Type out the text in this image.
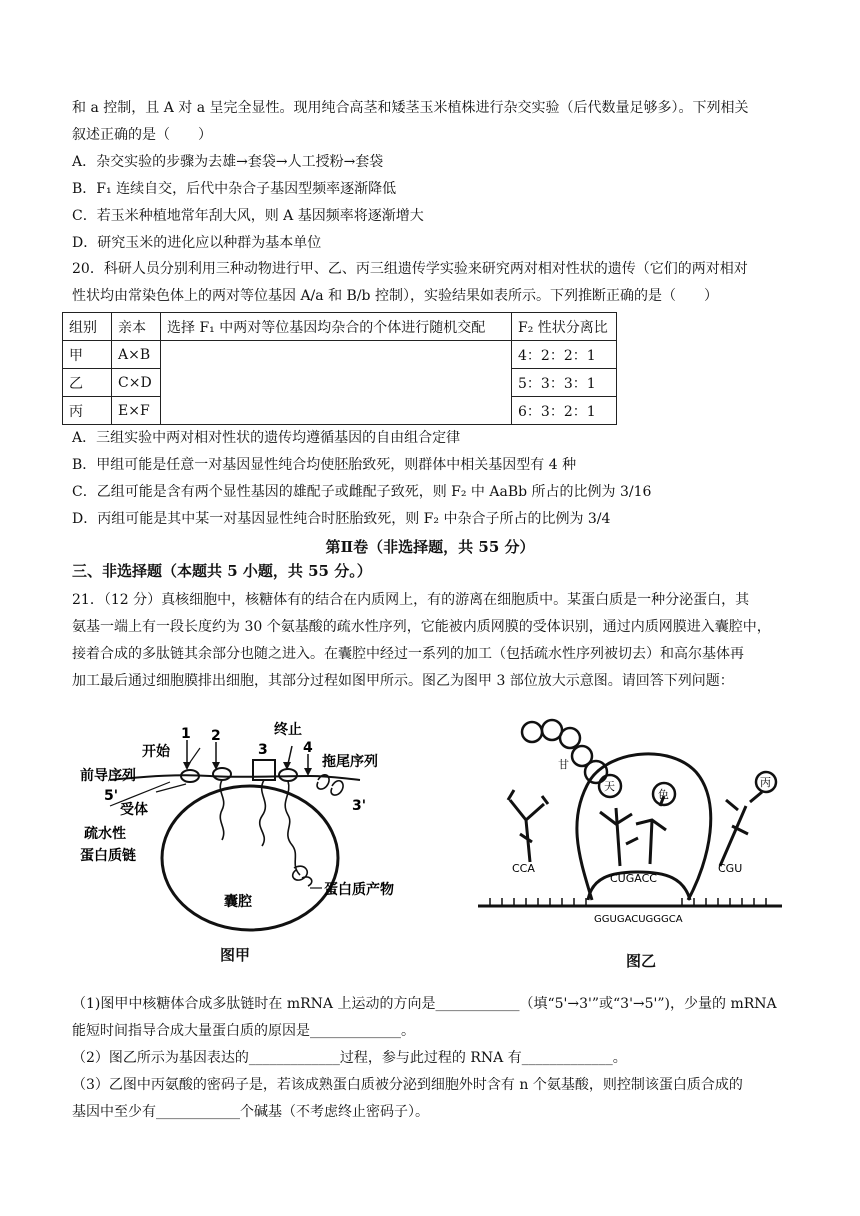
和 a 控制，且 A 对 a 呈完全显性。现用纯合高茎和矮茎玉米植株进行杂交实验（后代数量足够多）。下列相关
叙述正确的是（　　）
A．杂交实验的步骤为去雄→套袋→人工授粉→套袋
B．F₁ 连续自交，后代中杂合子基因型频率逐渐降低
C．若玉米种植地常年刮大风，则 A 基因频率将逐渐增大
D．研究玉米的进化应以种群为基本单位
20．科研人员分别利用三种动物进行甲、乙、丙三组遗传学实验来研究两对相对性状的遗传（它们的两对相对
性状均由常染色体上的两对等位基因 A/a 和 B/b 控制），实验结果如表所示。下列推断正确的是（　　）
组别	亲本	选择 F₁ 中两对等位基因均杂合的个体进行随机交配	F₂ 性状分离比
甲	A×B		4：2：2：1
乙	C×D		5：3：3：1
丙	E×F		6：3：2：1
A．三组实验中两对相对性状的遗传均遵循基因的自由组合定律
B．甲组可能是任意一对基因显性纯合均使胚胎致死，则群体中相关基因型有 4 种
C．乙组可能是含有两个显性基因的雄配子或雌配子致死，则 F₂ 中 AaBb 所占的比例为 3/16
D．丙组可能是其中某一对基因显性纯合时胚胎致死，则 F₂ 中杂合子所占的比例为 3/4
第Ⅱ卷（非选择题，共 55 分）
三、非选择题（本题共 5 小题，共 55 分。）
21．（12 分）真核细胞中，核糖体有的结合在内质网上，有的游离在细胞质中。某蛋白质是一种分泌蛋白，其
氨基一端上有一段长度约为 30 个氨基酸的疏水性序列，它能被内质网膜的受体识别，通过内质网膜进入囊腔中，
接着合成的多肽链其余部分也随之进入。在囊腔中经过一系列的加工（包括疏水性序列被切去）和高尔基体再
加工最后通过细胞膜排出细胞，其部分过程如图甲所示。图乙为图甲 3 部位放大示意图。请回答下列问题：
1 2
3	4
开始
终止
前导序列
拖尾序列
5'
3'
受体
疏水性
蛋白质链
囊腔
蛋白质产物
图甲
甘
天
色
丙
CCA
CUGACC
CGU
GGUGACUGGGCA
图乙
（1)图甲中核糖体合成多肽链时在 mRNA 上运动的方向是____________（填“5'→3'”或“3'→5'”)，少量的 mRNA
能短时间指导合成大量蛋白质的原因是_____________。
（2）图乙所示为基因表达的_____________过程，参与此过程的 RNA 有_____________。
（3）乙图中丙氨酸的密码子是，若该成熟蛋白质被分泌到细胞外时含有 n 个氨基酸，则控制该蛋白质合成的
基因中至少有____________个碱基（不考虑终止密码子）。
